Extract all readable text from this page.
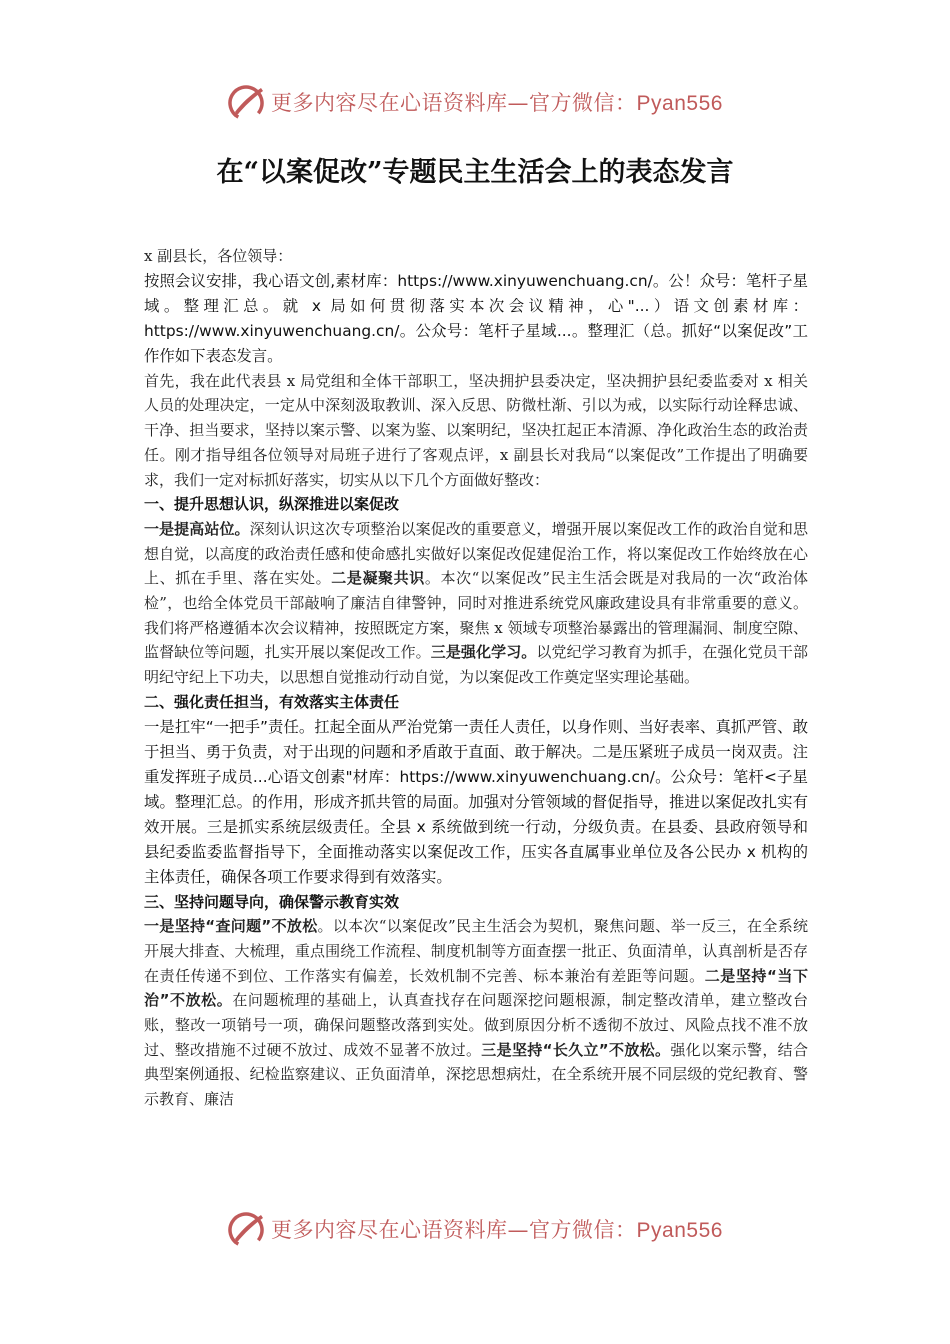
更多内容尽在心语资料库—官方微信：Pyan556
在“以案促改”专题民主生活会上的表态发言

x 副县长，各位领导：

按照会议安排，我心语文创,素材库：https://www.xinyuwenchuang.cn/。公！众号：笔杆子星域。整理汇总。就 x 局如何贯彻落实本次会议精神，心"...）语文创素材库：https://www.xinyuwenchuang.cn/。公众号：笔杆子星域...。整理汇（总。抓好“以案促改”工作作如下表态发言。

首先，我在此代表县 x 局党组和全体干部职工，坚决拥护县委决定，坚决拥护县纪委监委对 x 相关人员的处理决定，一定从中深刻汲取教训、深入反思、防微杜渐、引以为戒，以实际行动诠释忠诚、干净、担当要求，坚持以案示警、以案为鉴、以案明纪，坚决扛起正本清源、净化政治生态的政治责任。刚才指导组各位领导对局班子进行了客观点评，x 副县长对我局“以案促改”工作提出了明确要求，我们一定对标抓好落实，切实从以下几个方面做好整改：

一、提升思想认识，纵深推进以案促改

一是提高站位。深刻认识这次专项整治以案促改的重要意义，增强开展以案促改工作的政治自觉和思想自觉，以高度的政治责任感和使命感扎实做好以案促改促建促治工作，将以案促改工作始终放在心上、抓在手里、落在实处。二是凝聚共识。本次“以案促改”民主生活会既是对我局的一次“政治体检”，也给全体党员干部敲响了廉洁自律警钟，同时对推进系统党风廉政建设具有非常重要的意义。我们将严格遵循本次会议精神，按照既定方案，聚焦 x 领域专项整治暴露出的管理漏洞、制度空隙、监督缺位等问题，扎实开展以案促改工作。三是强化学习。以党纪学习教育为抓手，在强化党员干部明纪守纪上下功夫，以思想自觉推动行动自觉，为以案促改工作奠定坚实理论基础。

二、强化责任担当，有效落实主体责任

一是扛牢“一把手”责任。扛起全面从严治党第一责任人责任，以身作则、当好表率、真抓严管、敢于担当、勇于负责，对于出现的问题和矛盾敢于直面、敢于解决。二是压紧班子成员一岗双责。注重发挥班子成员...心语文创素"材库：https://www.xinyuwenchuang.cn/。公众号：笔杆<子星域。整理汇总。的作用，形成齐抓共管的局面。加强对分管领域的督促指导，推进以案促改扎实有效开展。三是抓实系统层级责任。全县 x 系统做到统一行动，分级负责。在县委、县政府领导和县纪委监委监督指导下，全面推动落实以案促改工作，压实各直属事业单位及各公民办 x 机构的主体责任，确保各项工作要求得到有效落实。

三、坚持问题导向，确保警示教育实效

一是坚持“查问题”不放松。以本次“以案促改”民主生活会为契机，聚焦问题、举一反三，在全系统开展大排查、大梳理，重点围绕工作流程、制度机制等方面查摆一批正、负面清单，认真剖析是否存在责任传递不到位、工作落实有偏差，长效机制不完善、标本兼治有差距等问题。二是坚持“当下治”不放松。在问题梳理的基础上，认真查找存在问题深挖问题根源，制定整改清单，建立整改台账，整改一项销号一项，确保问题整改落到实处。做到原因分析不透彻不放过、风险点找不准不放过、整改措施不过硬不放过、成效不显著不放过。三是坚持“长久立”不放松。强化以案示警，结合典型案例通报、纪检监察建议、正负面清单，深挖思想病灶，在全系统开展不同层级的党纪教育、警示教育、廉洁

更多内容尽在心语资料库—官方微信：Pyan556
